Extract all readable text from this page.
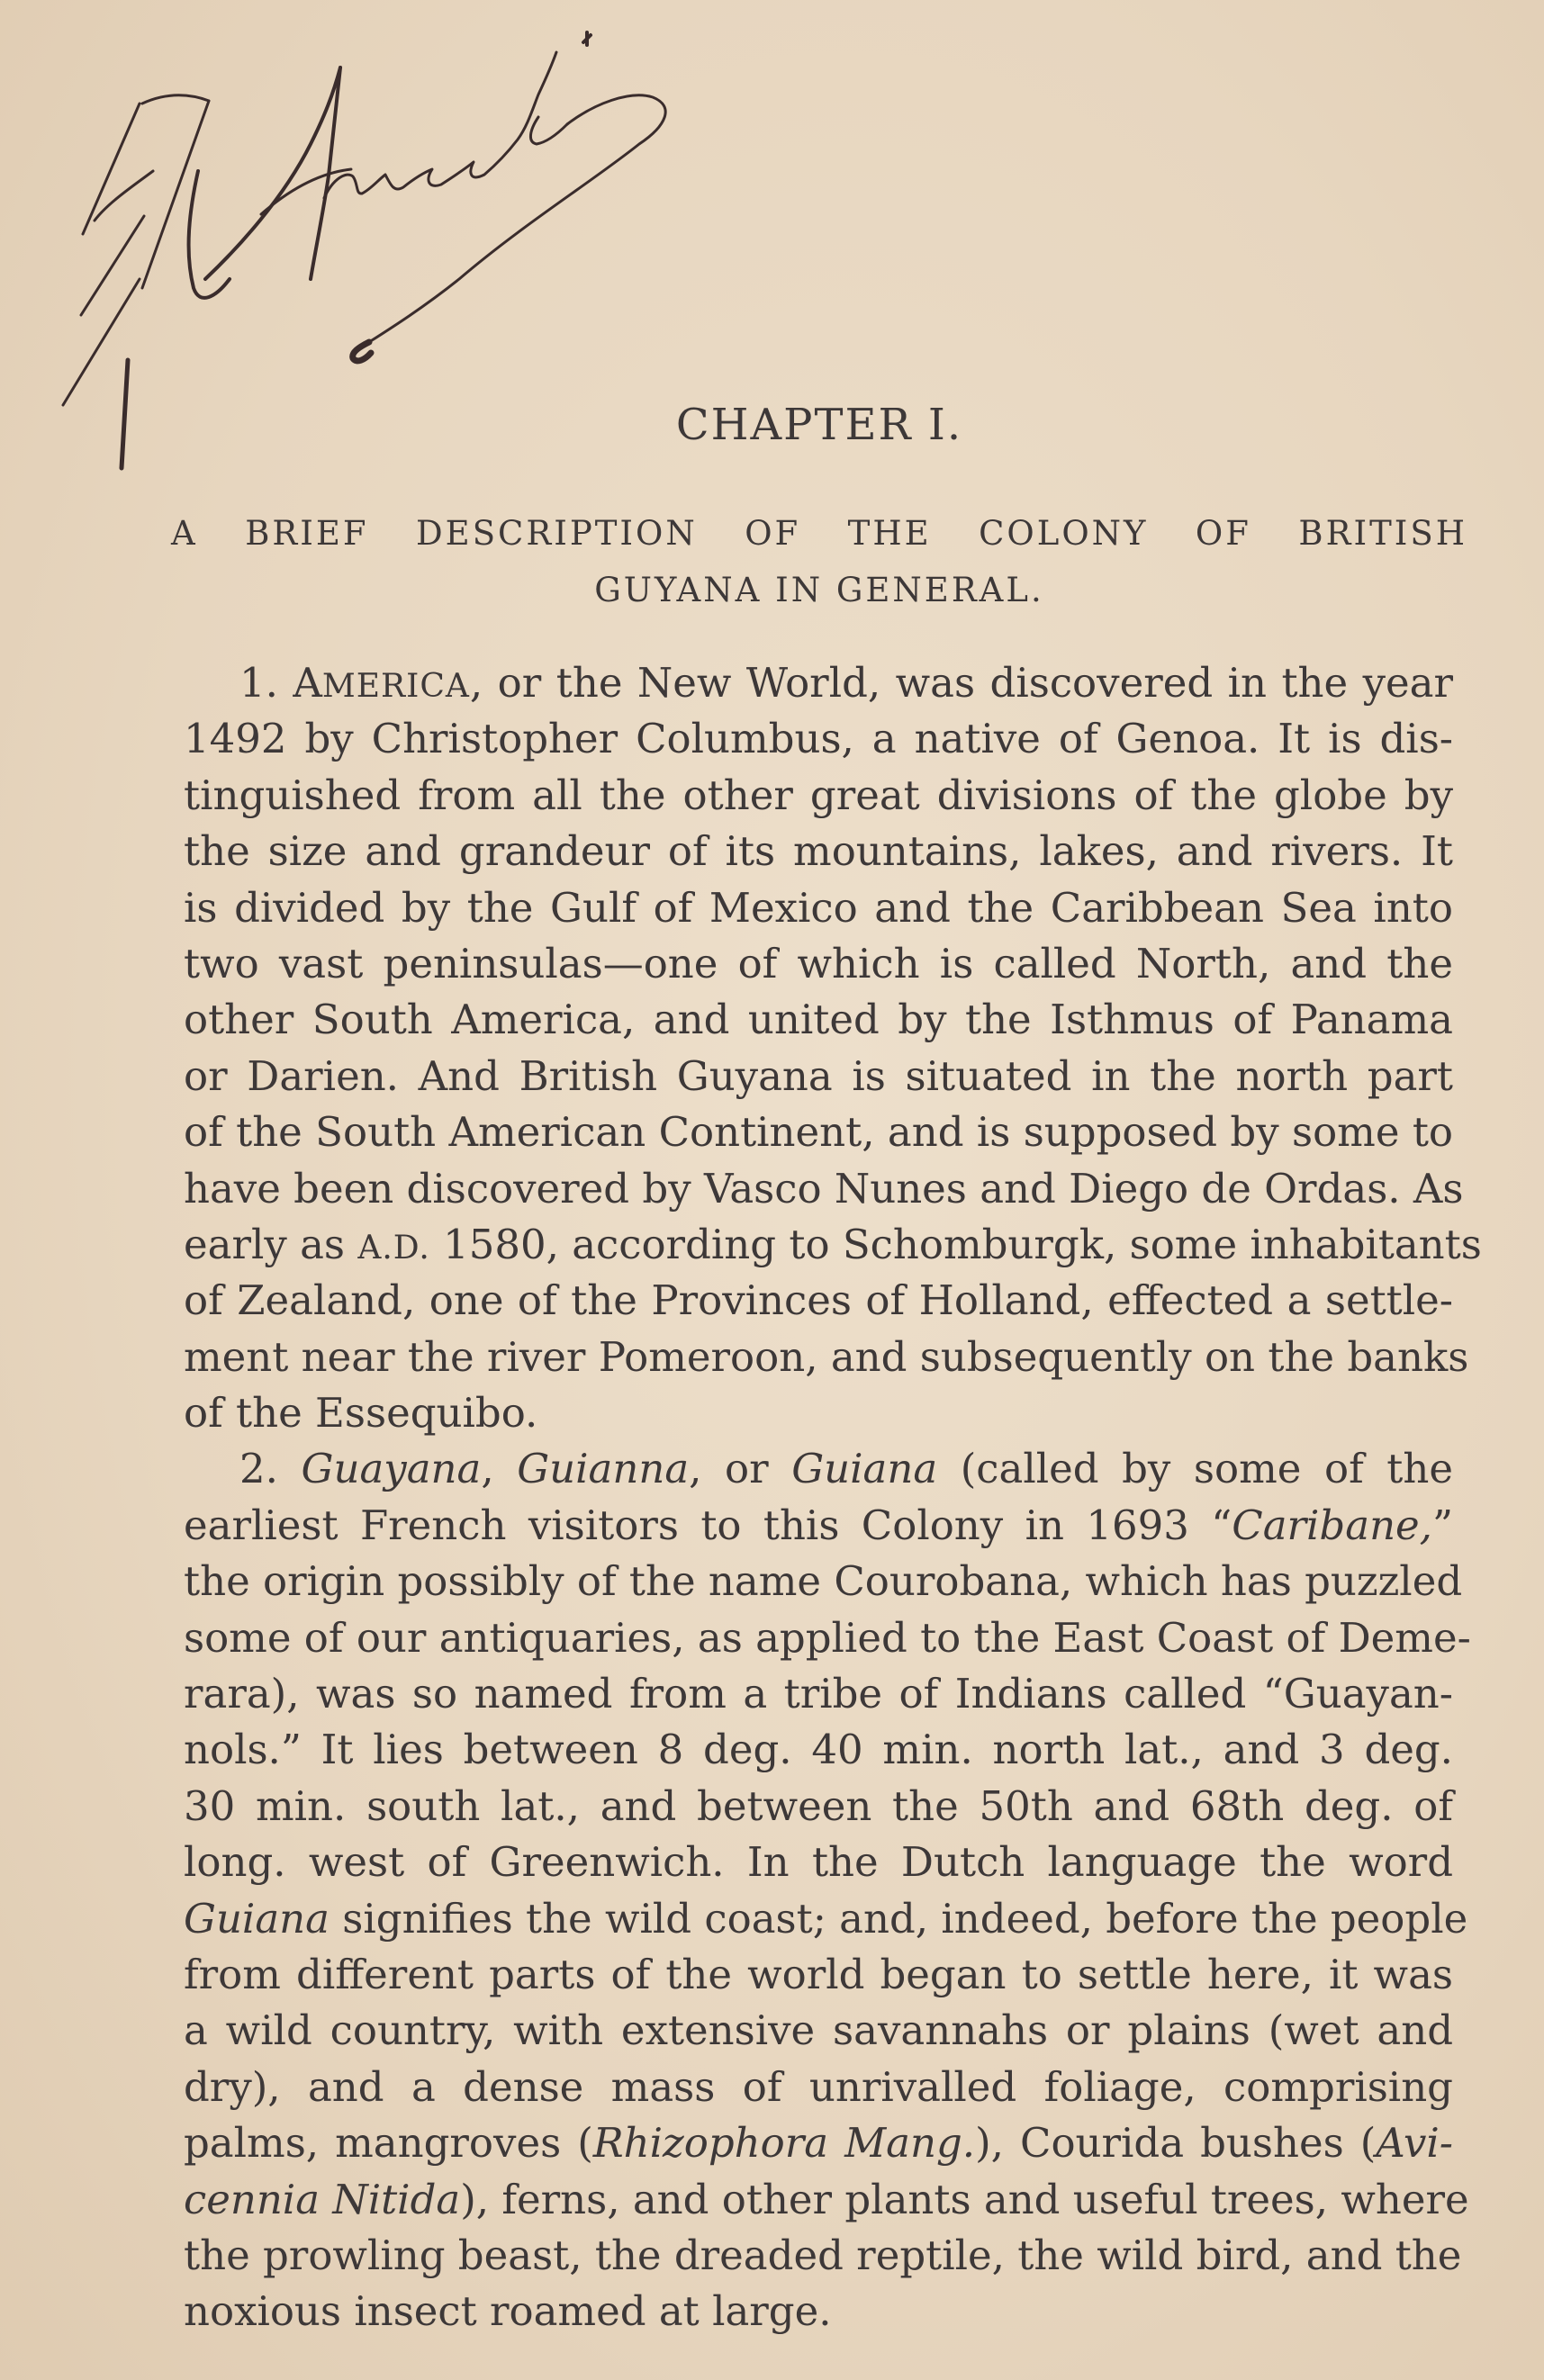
CHAPTER I.
A BRIEF DESCRIPTION OF THE COLONY OF BRITISH
GUYANA IN GENERAL.
1. AMERICA, or the New World, was discovered in the year
1492 by Christopher Columbus, a native of Genoa. It is dis-
tinguished from all the other great divisions of the globe by
the size and grandeur of its mountains, lakes, and rivers. It
is divided by the Gulf of Mexico and the Caribbean Sea into
two vast peninsulas—one of which is called North, and the
other South America, and united by the Isthmus of Panama
or Darien. And British Guyana is situated in the north part
of the South American Continent, and is supposed by some to
have been discovered by Vasco Nunes and Diego de Ordas. As
early as A.D. 1580, according to Schomburgk, some inhabitants
of Zealand, one of the Provinces of Holland, effected a settle-
ment near the river Pomeroon, and subsequently on the banks
of the Essequibo.
2. Guayana, Guianna, or Guiana (called by some of the
earliest French visitors to this Colony in 1693 “Caribane,”
the origin possibly of the name Courobana, which has puzzled
some of our antiquaries, as applied to the East Coast of Deme-
rara), was so named from a tribe of Indians called “Guayan-
nols.” It lies between 8 deg. 40 min. north lat., and 3 deg.
30 min. south lat., and between the 50th and 68th deg. of
long. west of Greenwich. In the Dutch language the word
Guiana signifies the wild coast; and, indeed, before the people
from different parts of the world began to settle here, it was
a wild country, with extensive savannahs or plains (wet and
dry), and a dense mass of unrivalled foliage, comprising
palms, mangroves (Rhizophora Mang.), Courida bushes (Avi-
cennia Nitida), ferns, and other plants and useful trees, where
the prowling beast, the dreaded reptile, the wild bird, and the
noxious insect roamed at large.
